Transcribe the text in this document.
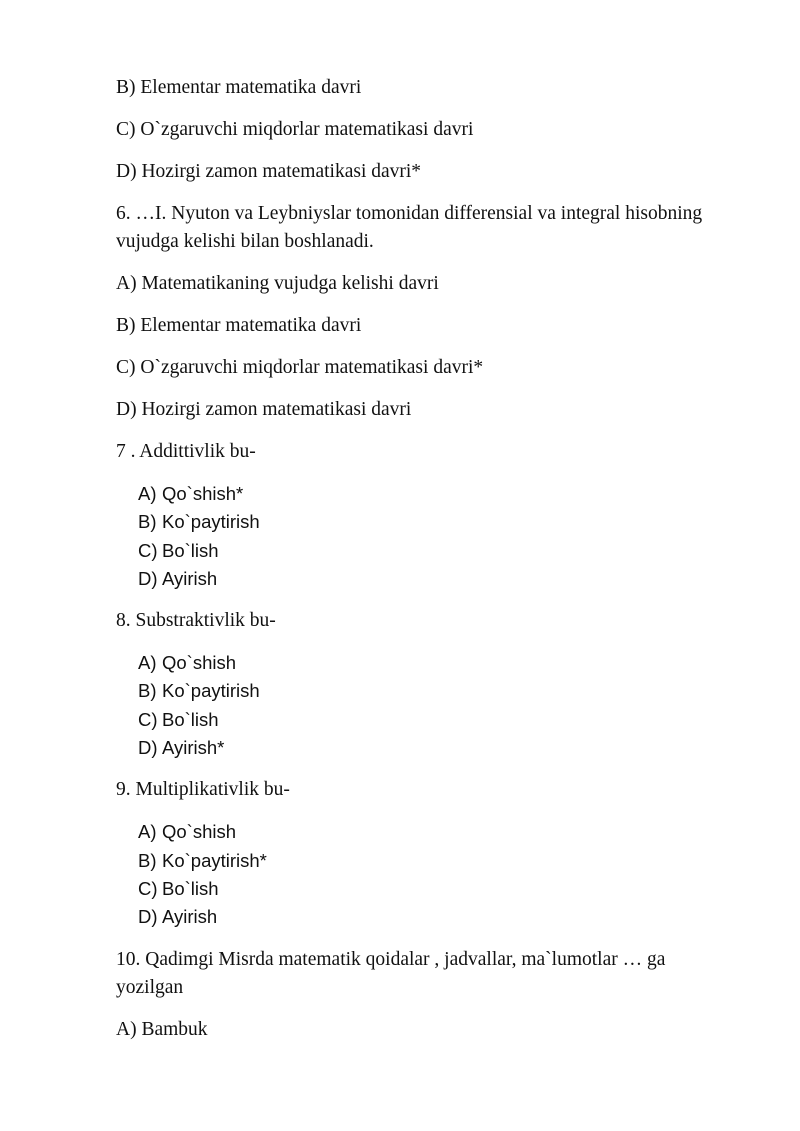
B) Elementar matematika davri

C) O`zgaruvchi miqdorlar matematikasi davri

D) Hozirgi zamon matematikasi davri*

6. …I. Nyuton va Leybniyslar tomonidan differensial va integral hisobning vujudga kelishi bilan boshlanadi.

A) Matematikaning vujudga kelishi davri

B) Elementar matematika davri

C) O`zgaruvchi miqdorlar matematikasi davri*

D) Hozirgi zamon matematikasi davri

7 . Addittivlik bu-

A) Qo`shish*

B) Ko`paytirish

C) Bo`lish

D) Ayirish

8. Substraktivlik bu-

A) Qo`shish

B) Ko`paytirish

C) Bo`lish

D) Ayirish*

9. Multiplikativlik bu-

A) Qo`shish

B) Ko`paytirish*

C) Bo`lish

D) Ayirish

10. Qadimgi Misrda matematik qoidalar , jadvallar, ma`lumotlar … ga yozilgan

A) Bambuk
